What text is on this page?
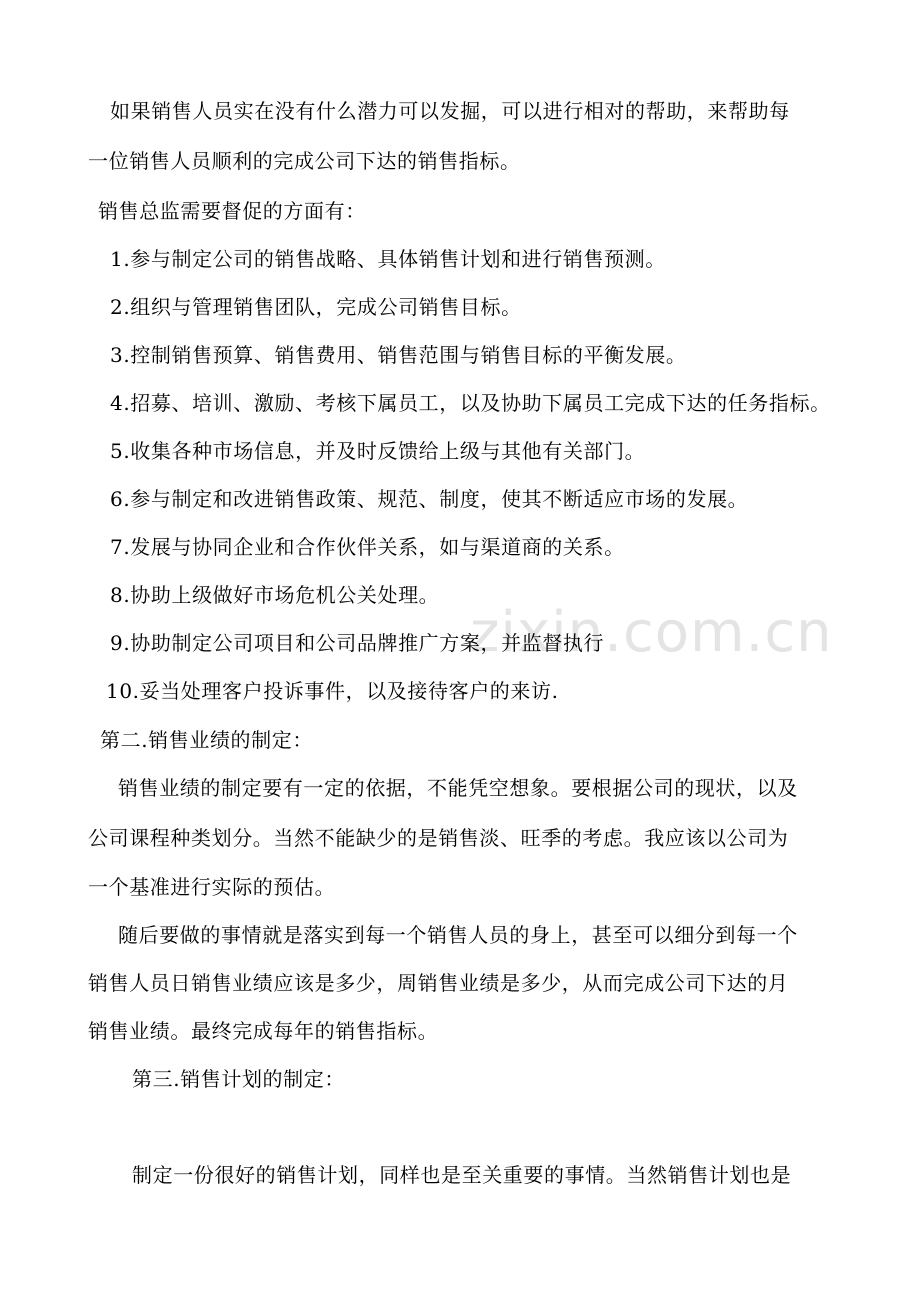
zixin.com.cn
如果销售人员实在没有什么潜力可以发掘，可以进行相对的帮助，来帮助每
一位销售人员顺利的完成公司下达的销售指标。
销售总监需要督促的方面有：
1.参与制定公司的销售战略、具体销售计划和进行销售预测。
2.组织与管理销售团队，完成公司销售目标。
3.控制销售预算、销售费用、销售范围与销售目标的平衡发展。
4.招募、培训、激励、考核下属员工，以及协助下属员工完成下达的任务指标。
5.收集各种市场信息，并及时反馈给上级与其他有关部门。
6.参与制定和改进销售政策、规范、制度，使其不断适应市场的发展。
7.发展与协同企业和合作伙伴关系，如与渠道商的关系。
8.协助上级做好市场危机公关处理。
9.协助制定公司项目和公司品牌推广方案，并监督执行
10.妥当处理客户投诉事件，以及接待客户的来访.
第二.销售业绩的制定：
销售业绩的制定要有一定的依据，不能凭空想象。要根据公司的现状，以及
公司课程种类划分。当然不能缺少的是销售淡、旺季的考虑。我应该以公司为
一个基准进行实际的预估。
随后要做的事情就是落实到每一个销售人员的身上，甚至可以细分到每一个
销售人员日销售业绩应该是多少，周销售业绩是多少，从而完成公司下达的月
销售业绩。最终完成每年的销售指标。
第三.销售计划的制定：
制定一份很好的销售计划，同样也是至关重要的事情。当然销售计划也是
